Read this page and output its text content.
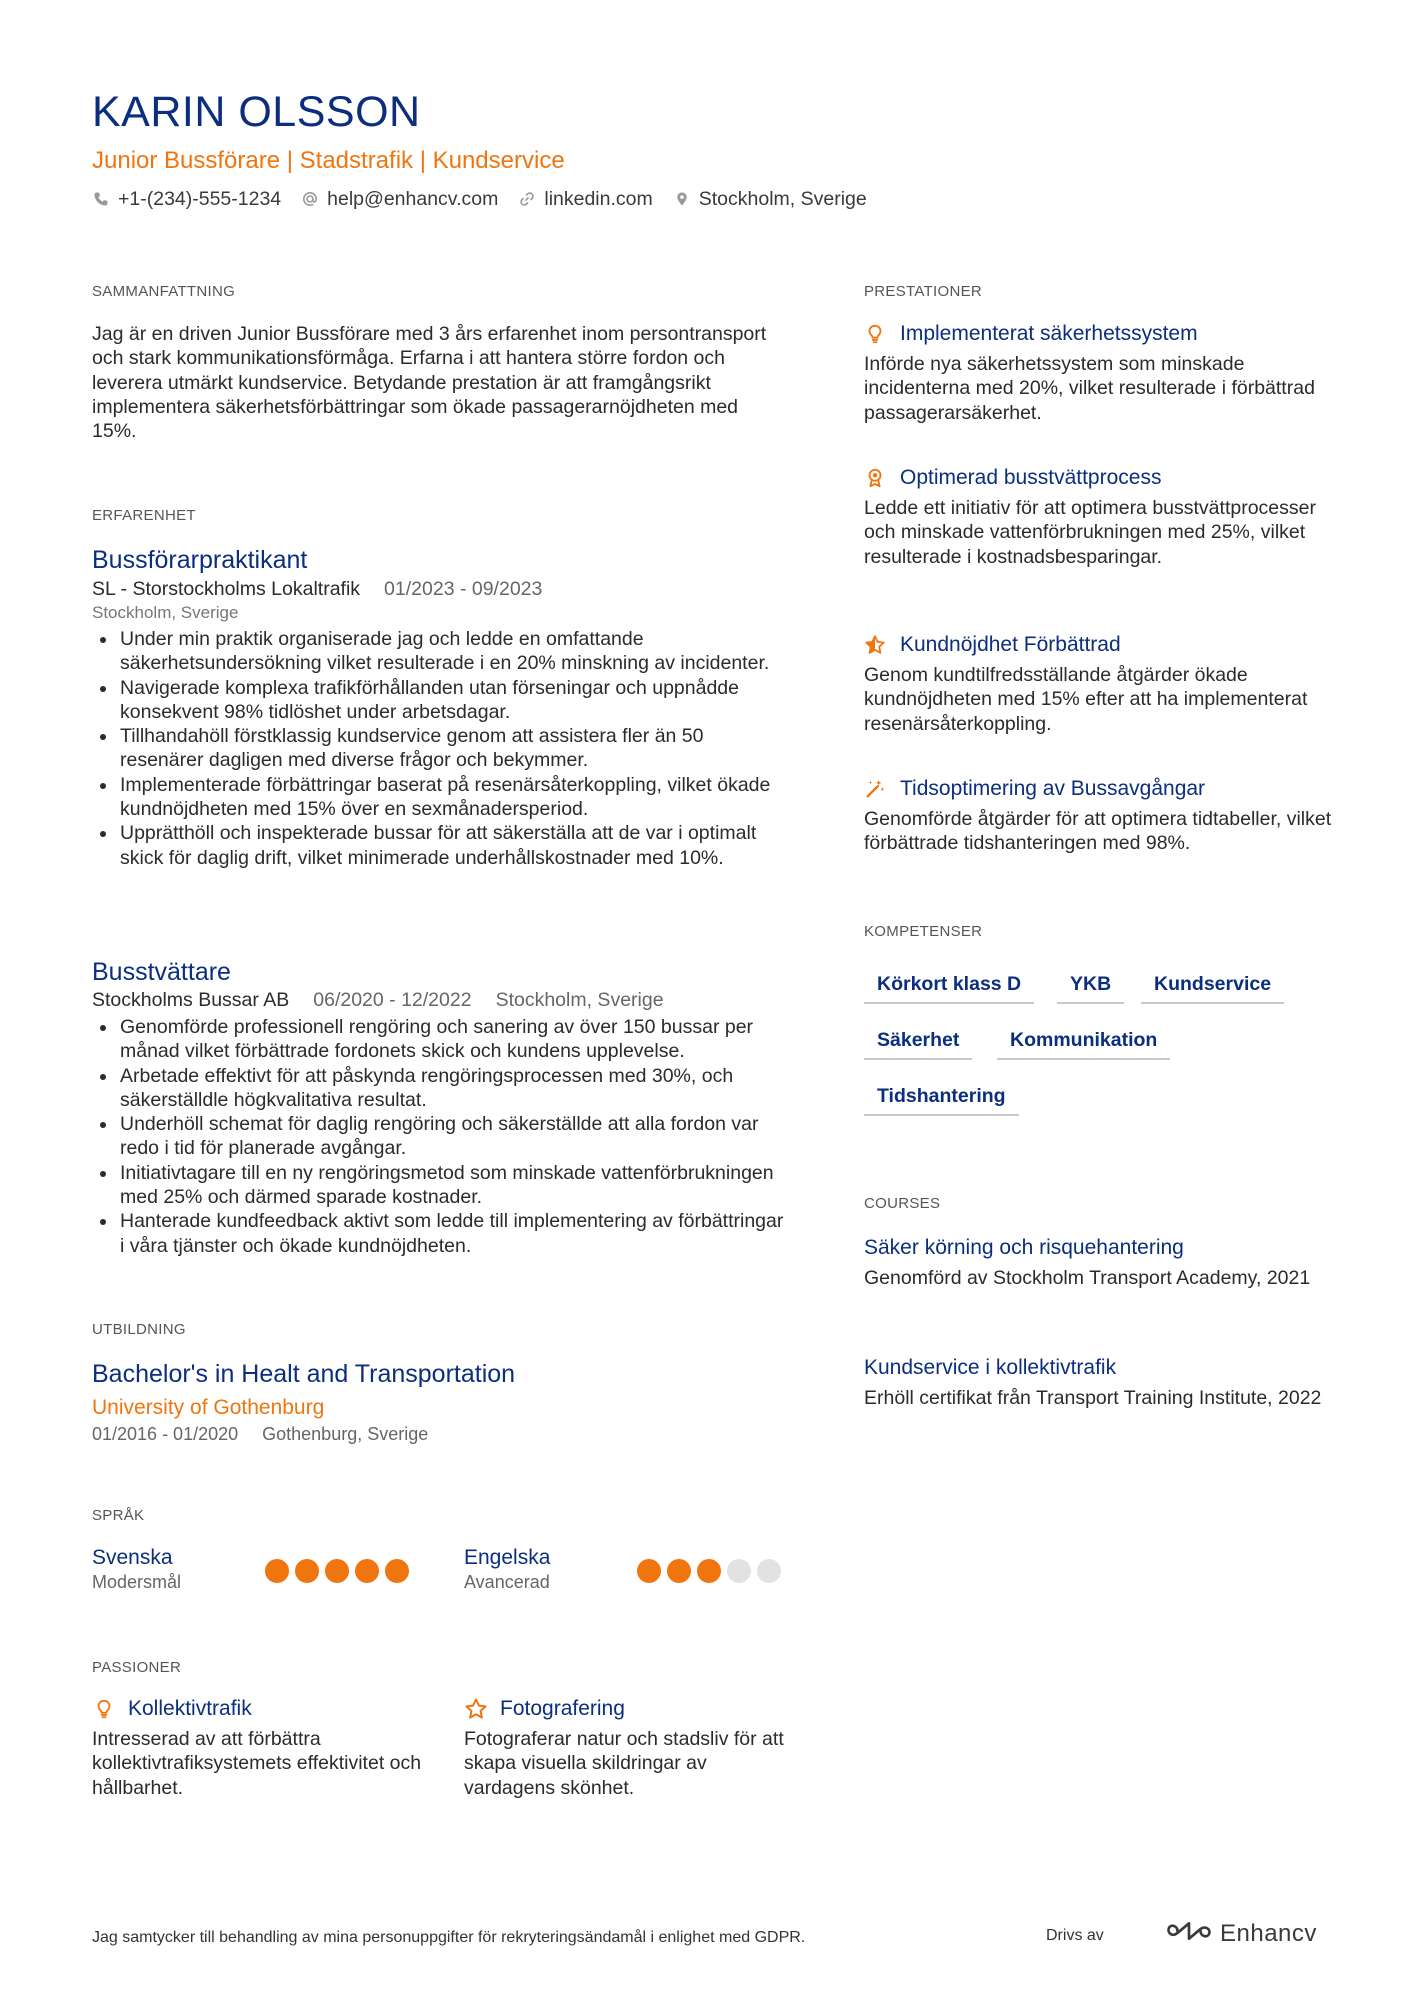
KARIN OLSSON
Junior Bussförare | Stadstrafik | Kundservice
+1-(234)-555-1234 help@enhancv.com linkedin.com Stockholm, Sverige
SAMMANFATTNING
Jag är en driven Junior Bussförare med 3 års erfarenhet inom persontransport och stark kommunikationsförmåga. Erfarna i att hantera större fordon och leverera utmärkt kundservice. Betydande prestation är att framgångsrikt implementera säkerhetsförbättringar som ökade passagerarnöjdheten med 15%.
ERFARENHET
Bussförarpraktikant
SL - Storstockholms Lokaltrafik 01/2023 - 09/2023
Stockholm, Sverige
Under min praktik organiserade jag och ledde en omfattande säkerhetsundersökning vilket resulterade i en 20% minskning av incidenter.
Navigerade komplexa trafikförhållanden utan förseningar och uppnådde konsekvent 98% tidlöshet under arbetsdagar.
Tillhandahöll förstklassig kundservice genom att assistera fler än 50 resenärer dagligen med diverse frågor och bekymmer.
Implementerade förbättringar baserat på resenärsåterkoppling, vilket ökade kundnöjdheten med 15% över en sexmånadersperiod.
Upprätthöll och inspekterade bussar för att säkerställa att de var i optimalt skick för daglig drift, vilket minimerade underhållskostnader med 10%.
Busstvättare
Stockholms Bussar AB 06/2020 - 12/2022 Stockholm, Sverige
Genomförde professionell rengöring och sanering av över 150 bussar per månad vilket förbättrade fordonets skick och kundens upplevelse.
Arbetade effektivt för att påskynda rengöringsprocessen med 30%, och säkerställdle högkvalitativa resultat.
Underhöll schemat för daglig rengöring och säkerställde att alla fordon var redo i tid för planerade avgångar.
Initiativtagare till en ny rengöringsmetod som minskade vattenförbrukningen med 25% och därmed sparade kostnader.
Hanterade kundfeedback aktivt som ledde till implementering av förbättringar i våra tjänster och ökade kundnöjdheten.
UTBILDNING
Bachelor's in Healt and Transportation
University of Gothenburg
01/2016 - 01/2020 Gothenburg, Sverige
SPRÅK
Svenska
Modersmål
Engelska
Avancerad
PASSIONER
Kollektivtrafik
Intresserad av att förbättra kollektivtrafiksystemets effektivitet och hållbarhet.
Fotografering
Fotograferar natur och stadsliv för att skapa visuella skildringar av vardagens skönhet.
PRESTATIONER
Implementerat säkerhetssystem
Införde nya säkerhetssystem som minskade incidenterna med 20%, vilket resulterade i förbättrad passagerarsäkerhet.
Optimerad busstvättprocess
Ledde ett initiativ för att optimera busstvättprocesser och minskade vattenförbrukningen med 25%, vilket resulterade i kostnadsbesparingar.
Kundnöjdhet Förbättrad
Genom kundtilfredsställande åtgärder ökade kundnöjdheten med 15% efter att ha implementerat resenärsåterkoppling.
Tidsoptimering av Bussavgångar
Genomförde åtgärder för att optimera tidtabeller, vilket förbättrade tidshanteringen med 98%.
KOMPETENSER
Körkort klass D	YKB	Kundservice
Säkerhet	Kommunikation
Tidshantering
COURSES
Säker körning och risquehantering
Genomförd av Stockholm Transport Academy, 2021
Kundservice i kollektivtrafik
Erhöll certifikat från Transport Training Institute, 2022
Jag samtycker till behandling av mina personuppgifter för rekryteringsändamål i enlighet med GDPR.	Drivs av	Enhancv
